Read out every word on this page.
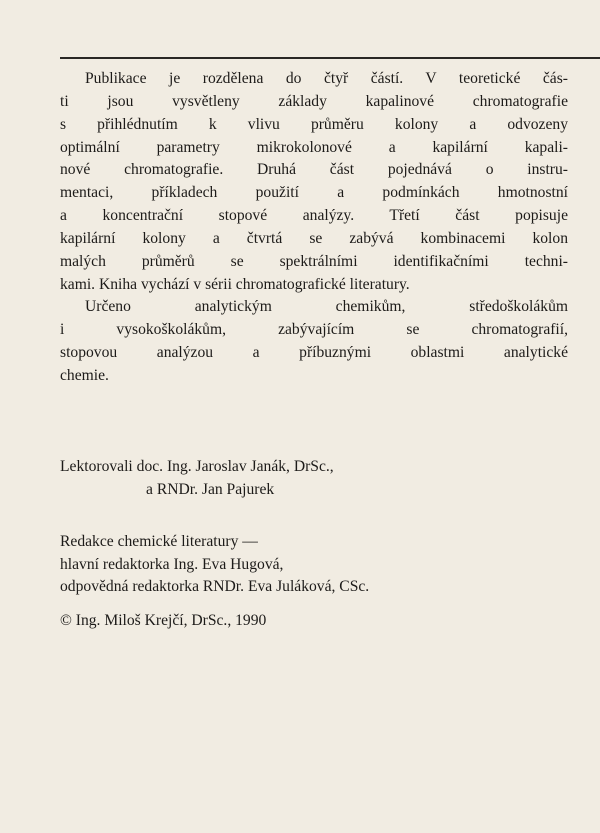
Publikace je rozdělena do čtyř částí. V teoretické čás-
ti jsou vysvětleny základy kapalinové chromatografie
s přihlédnutím k vlivu průměru kolony a odvozeny
optimální parametry mikrokolonové a kapilární kapali-
nové chromatografie. Druhá část pojednává o instru-
mentaci, příkladech použití a podmínkách hmotnostní
a koncentrační stopové analýzy. Třetí část popisuje
kapilární kolony a čtvrtá se zabývá kombinacemi kolon
malých průměrů se spektrálními identifikačními techni-
kami. Kniha vychází v sérii chromatografické literatury.
Určeno analytickým chemikům, středoškolákům
i vysokoškolákům, zabývajícím se chromatografií,
stopovou analýzou a příbuznými oblastmi analytické
chemie.
Lektorovali doc. Ing. Jaroslav Janák, DrSc.,
a RNDr. Jan Pajurek
Redakce chemické literatury —
hlavní redaktorka Ing. Eva Hugová,
odpovědná redaktorka RNDr. Eva Juláková, CSc.
© Ing. Miloš Krejčí, DrSc., 1990
